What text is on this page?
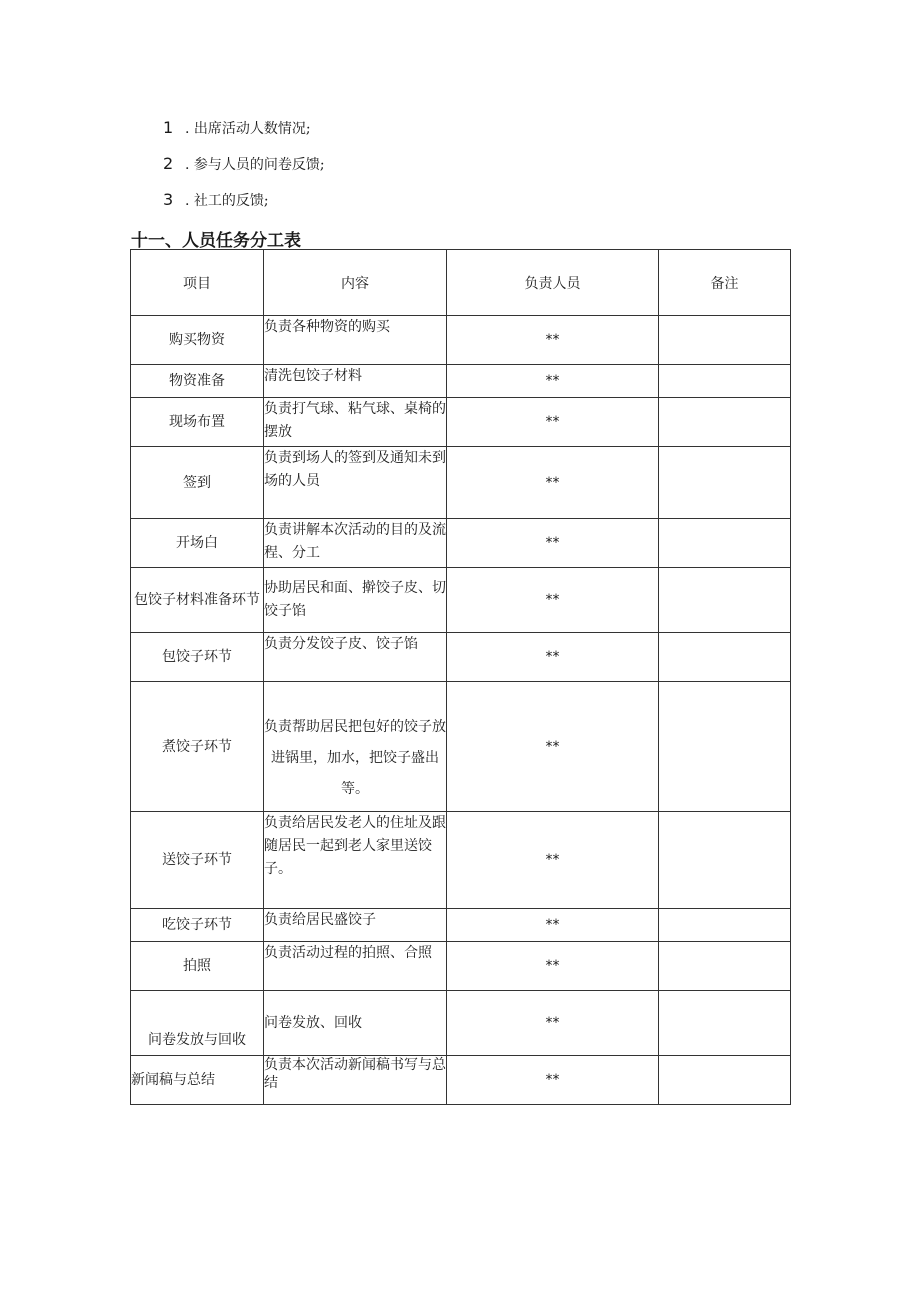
1 . 出席活动人数情况;
2 . 参与人员的问卷反馈;
3 . 社工的反馈;
十一、人员任务分工表
项目	内容	负责人员	备注
购买物资	负责各种物资的购买	**	
物资准备	清洗包饺子材料	**	
现场布置	负责打气球、粘气球、桌椅的摆放	**	
签到	负责到场人的签到及通知未到场的人员	**	
开场白	负责讲解本次活动的目的及流程、分工	**	
包饺子材料准备环节	协助居民和面、擀饺子皮、切饺子馅	**	
包饺子环节	负责分发饺子皮、饺子馅	**	
煮饺子环节	负责帮助居民把包好的饺子放进锅里，加水，把饺子盛出等。	**	
送饺子环节	负责给居民发老人的住址及跟随居民一起到老人家里送饺子。	**	
吃饺子环节	负责给居民盛饺子	**	
拍照	负责活动过程的拍照、合照	**	
问卷发放与回收	问卷发放、回收	**	
新闻稿与总结	负责本次活动新闻稿书写与总结	**	
